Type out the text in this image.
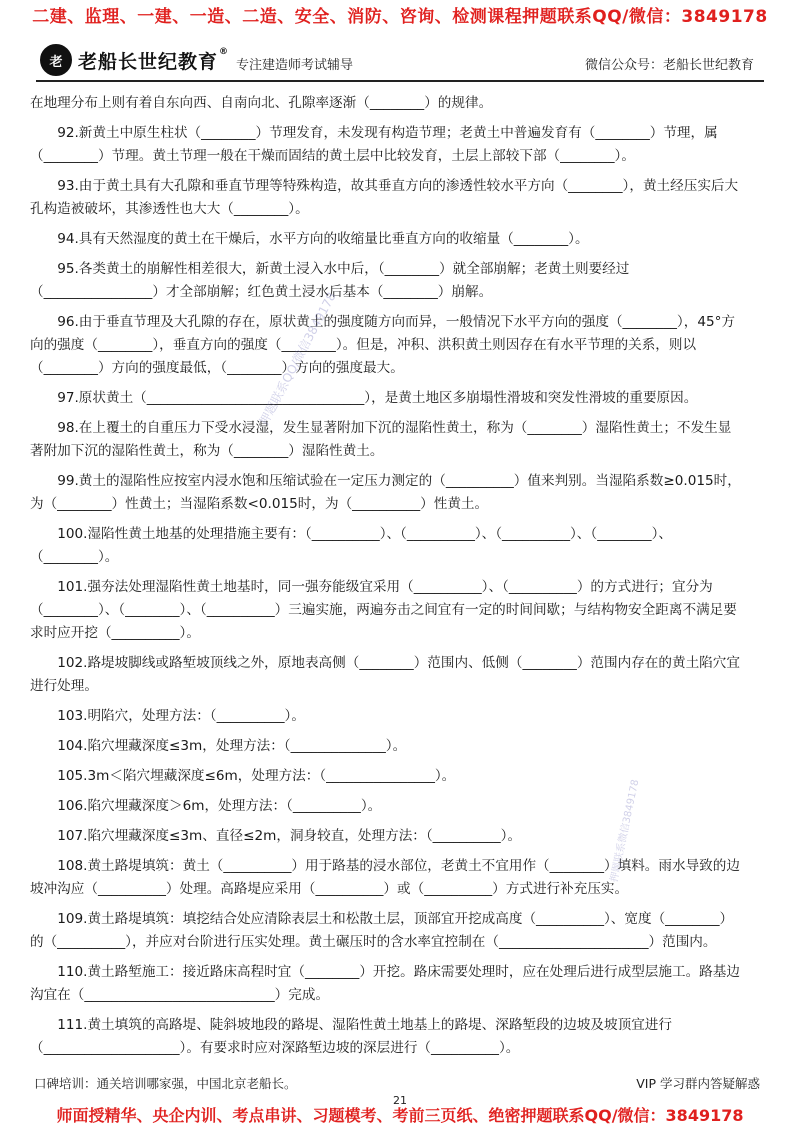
二建、监理、一建、一造、二造、安全、消防、咨询、检测课程押题联系QQ/微信：3849178
老 老船长世纪教育®
专注建造师考试辅导	微信公众号：老船长世纪教育

在地理分布上则有着自东向西、自南向北、孔隙率逐渐（________）的规律。

92.新黄土中原生柱状（________）节理发育，未发现有构造节理；老黄土中普遍发育有（________）节理，属（________）节理。黄土节理一般在干燥而固结的黄土层中比较发育，土层上部较下部（________）。

93.由于黄土具有大孔隙和垂直节理等特殊构造，故其垂直方向的渗透性较水平方向（________），黄土经压实后大孔构造被破坏，其渗透性也大大（________）。

94.具有天然湿度的黄土在干燥后，水平方向的收缩量比垂直方向的收缩量（________）。

95.各类黄土的崩解性相差很大，新黄土浸入水中后，（________）就全部崩解；老黄土则要经过（________________）才全部崩解；红色黄土浸水后基本（________）崩解。

96.由于垂直节理及大孔隙的存在，原状黄土的强度随方向而异，一般情况下水平方向的强度（________），45°方向的强度（________），垂直方向的强度（________）。但是，冲积、洪积黄土则因存在有水平节理的关系，则以（________）方向的强度最低，（________）方向的强度最大。

97.原状黄土（________________________________），是黄土地区多崩塌性滑坡和突发性滑坡的重要原因。

98.在上覆土的自重压力下受水浸湿，发生显著附加下沉的湿陷性黄土，称为（________）湿陷性黄土；不发生显著附加下沉的湿陷性黄土，称为（________）湿陷性黄土。

99.黄土的湿陷性应按室内浸水饱和压缩试验在一定压力测定的（__________）值来判别。当湿陷系数≥0.015时，为（________）性黄土；当湿陷系数<0.015时，为（__________）性黄土。

100.湿陷性黄土地基的处理措施主要有：（__________）、（__________）、（__________）、（________）、（________）。

101.强夯法处理湿陷性黄土地基时，同一强夯能级宜采用（__________）、（__________）的方式进行；宜分为（________）、（________）、（__________）三遍实施，两遍夯击之间宜有一定的时间间歇；与结构物安全距离不满足要求时应开挖（__________）。

102.路堤坡脚线或路堑坡顶线之外，原地表高侧（________）范围内、低侧（________）范围内存在的黄土陷穴宜进行处理。

103.明陷穴，处理方法：（__________）。

104.陷穴埋藏深度≤3m，处理方法：（______________）。

105.3m＜陷穴埋藏深度≤6m，处理方法：（________________）。

106.陷穴埋藏深度＞6m，处理方法：（__________）。

107.陷穴埋藏深度≤3m、直径≤2m，洞身较直，处理方法：（__________）。

108.黄土路堤填筑：黄土（__________）用于路基的浸水部位，老黄土不宜用作（________）填料。雨水导致的边坡冲沟应（__________）处理。高路堤应采用（__________）或（__________）方式进行补充压实。

109.黄土路堤填筑：填挖结合处应清除表层土和松散土层，顶部宜开挖成高度（__________）、宽度（________）的（__________），并应对台阶进行压实处理。黄土碾压时的含水率宜控制在（______________________）范围内。

110.黄土路堑施工：接近路床高程时宜（________）开挖。路床需要处理时，应在处理后进行成型层施工。路基边沟宜在（____________________________）完成。

111.黄土填筑的高路堤、陡斜坡地段的路堤、湿陷性黄土地基上的路堤、深路堑段的边坡及坡顶宜进行（____________________）。有要求时应对深路堑边坡的深层进行（__________）。

押题联系QQ/微信3849178
押题联系微信3849178
口碑培训：通关培训哪家强，中国北京老船长。	VIP 学习群内答疑解惑
21
师面授精华、央企内训、考点串讲、习题模考、考前三页纸、绝密押题联系QQ/微信：3849178
